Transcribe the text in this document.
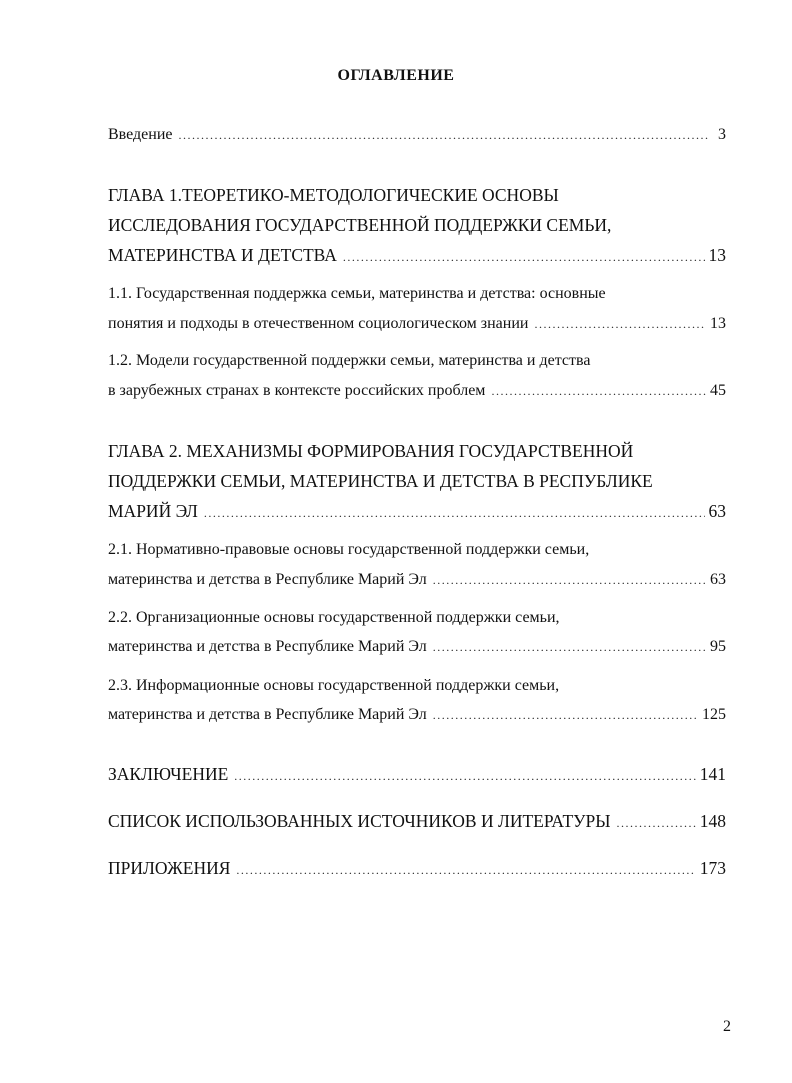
ОГЛАВЛЕНИЕ
Введение .....	3
ГЛАВА 1.ТЕОРЕТИКО-МЕТОДОЛОГИЧЕСКИЕ ОСНОВЫ
ИССЛЕДОВАНИЯ ГОСУДАРСТВЕННОЙ ПОДДЕРЖКИ СЕМЬИ,
МАТЕРИНСТВА И ДЕТСТВА .....	13
1.1. Государственная поддержка семьи, материнства и детства: основные
понятия и подходы в отечественном социологическом знании .....	13
1.2. Модели государственной поддержки семьи, материнства и детства
в зарубежных странах в контексте российских проблем .....	45
ГЛАВА 2. МЕХАНИЗМЫ ФОРМИРОВАНИЯ ГОСУДАРСТВЕННОЙ
ПОДДЕРЖКИ СЕМЬИ, МАТЕРИНСТВА И ДЕТСТВА В РЕСПУБЛИКЕ
МАРИЙ ЭЛ .....	63
2.1. Нормативно-правовые основы государственной поддержки семьи,
материнства и детства в Республике Марий Эл .....	63
2.2. Организационные основы государственной поддержки семьи,
материнства и детства в Республике Марий Эл .....	95
2.3. Информационные основы государственной поддержки семьи,
материнства и детства в Республике Марий Эл .....	125
ЗАКЛЮЧЕНИЕ .....	141
СПИСОК ИСПОЛЬЗОВАННЫХ ИСТОЧНИКОВ И ЛИТЕРАТУРЫ .....	148
ПРИЛОЖЕНИЯ .....	173
2
